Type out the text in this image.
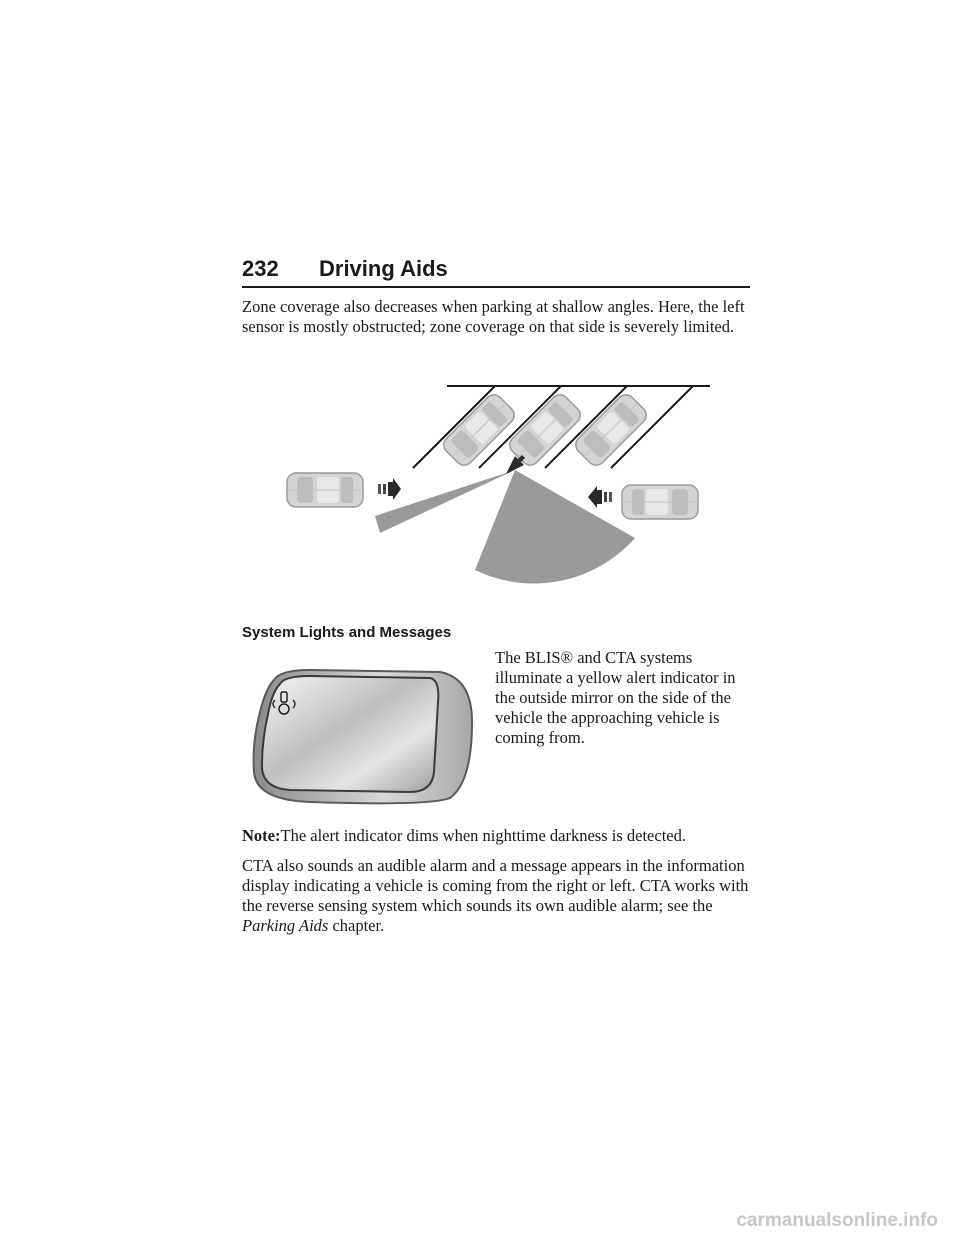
232 Driving Aids

Zone coverage also decreases when parking at shallow angles. Here, the left sensor is mostly obstructed; zone coverage on that side is severely limited.

System Lights and Messages

The BLIS® and CTA systems illuminate a yellow alert indicator in the outside mirror on the side of the vehicle the approaching vehicle is coming from.

Note:The alert indicator dims when nighttime darkness is detected.

CTA also sounds an audible alarm and a message appears in the information display indicating a vehicle is coming from the right or left. CTA works with the reverse sensing system which sounds its own audible alarm; see the Parking Aids chapter.

carmanualsonline.info
